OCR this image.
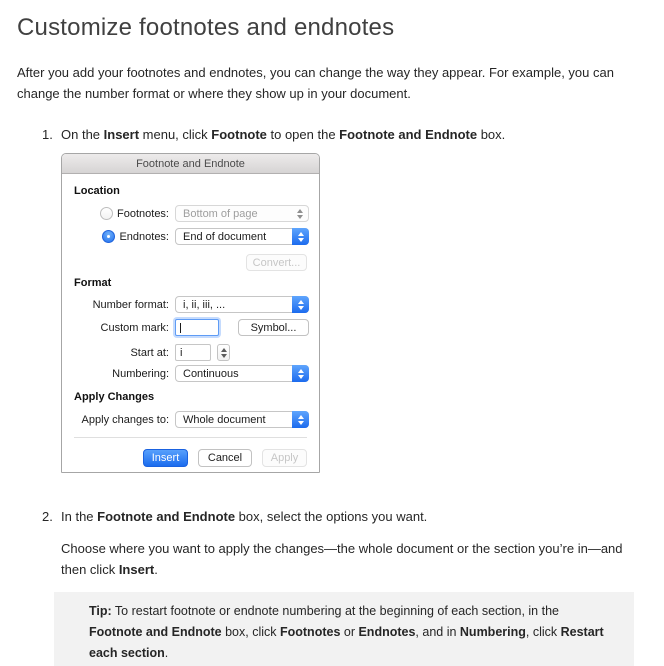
Customize footnotes and endnotes

After you add your footnotes and endnotes, you can change the way they appear. For example, you can change the number format or where they show up in your document.

1. On the Insert menu, click Footnote to open the Footnote and Endnote box.
Footnote and Endnote
Location
Footnotes: Bottom of page
Endnotes: End of document
Convert...
Format
Number format: i, ii, iii, ...
Custom mark:	Symbol...
Start at: i
Numbering: Continuous
Apply Changes
Apply changes to: Whole document
Insert	Cancel	Apply
2. In the Footnote and Endnote box, select the options you want.

Choose where you want to apply the changes—the whole document or the section you’re in—and then click Insert.

Tip: To restart footnote or endnote numbering at the beginning of each section, in the Footnote and Endnote box, click Footnotes or Endnotes, and in Numbering, click Restart each section.
